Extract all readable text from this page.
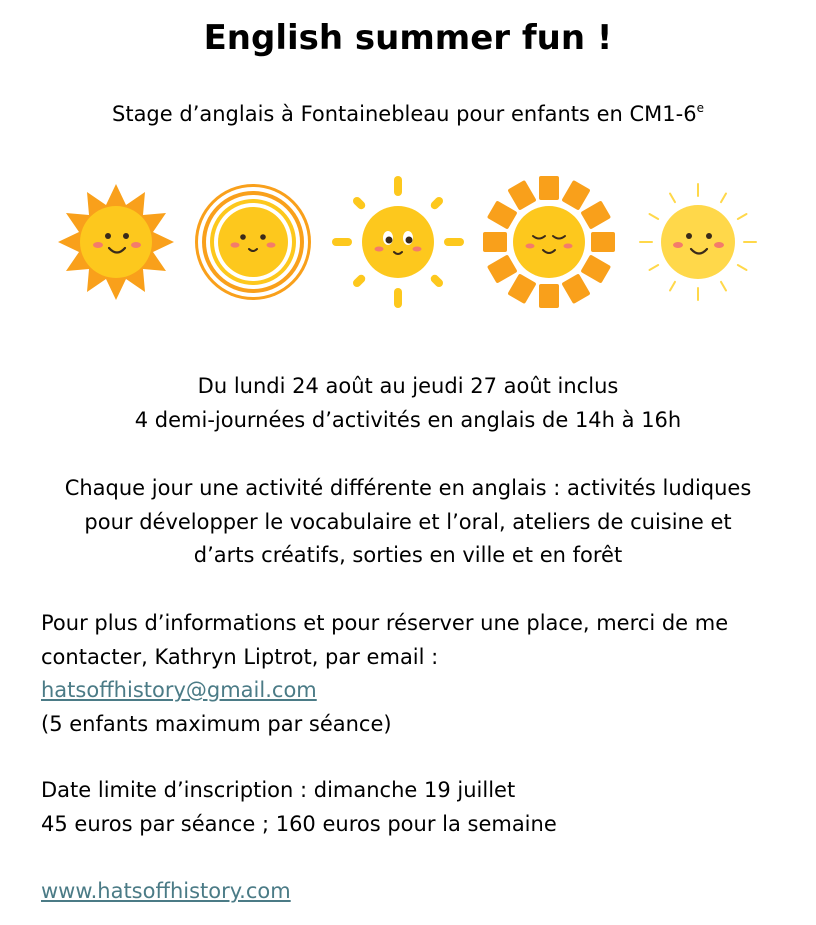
English summer fun !
Stage d’anglais à Fontainebleau pour enfants en CM1-6e

Du lundi 24 août au jeudi 27 août inclus

4 demi-journées d’activités en anglais de 14h à 16h

Chaque jour une activité différente en anglais : activités ludiques

pour développer le vocabulaire et l’oral, ateliers de cuisine et

d’arts créatifs, sorties en ville et en forêt

Pour plus d’informations et pour réserver une place, merci de me

contacter, Kathryn Liptrot, par email :

hatsoffhistory@gmail.com

(5 enfants maximum par séance)

Date limite d’inscription : dimanche 19 juillet

45 euros par séance ; 160 euros pour la semaine

www.hatsoffhistory.com
